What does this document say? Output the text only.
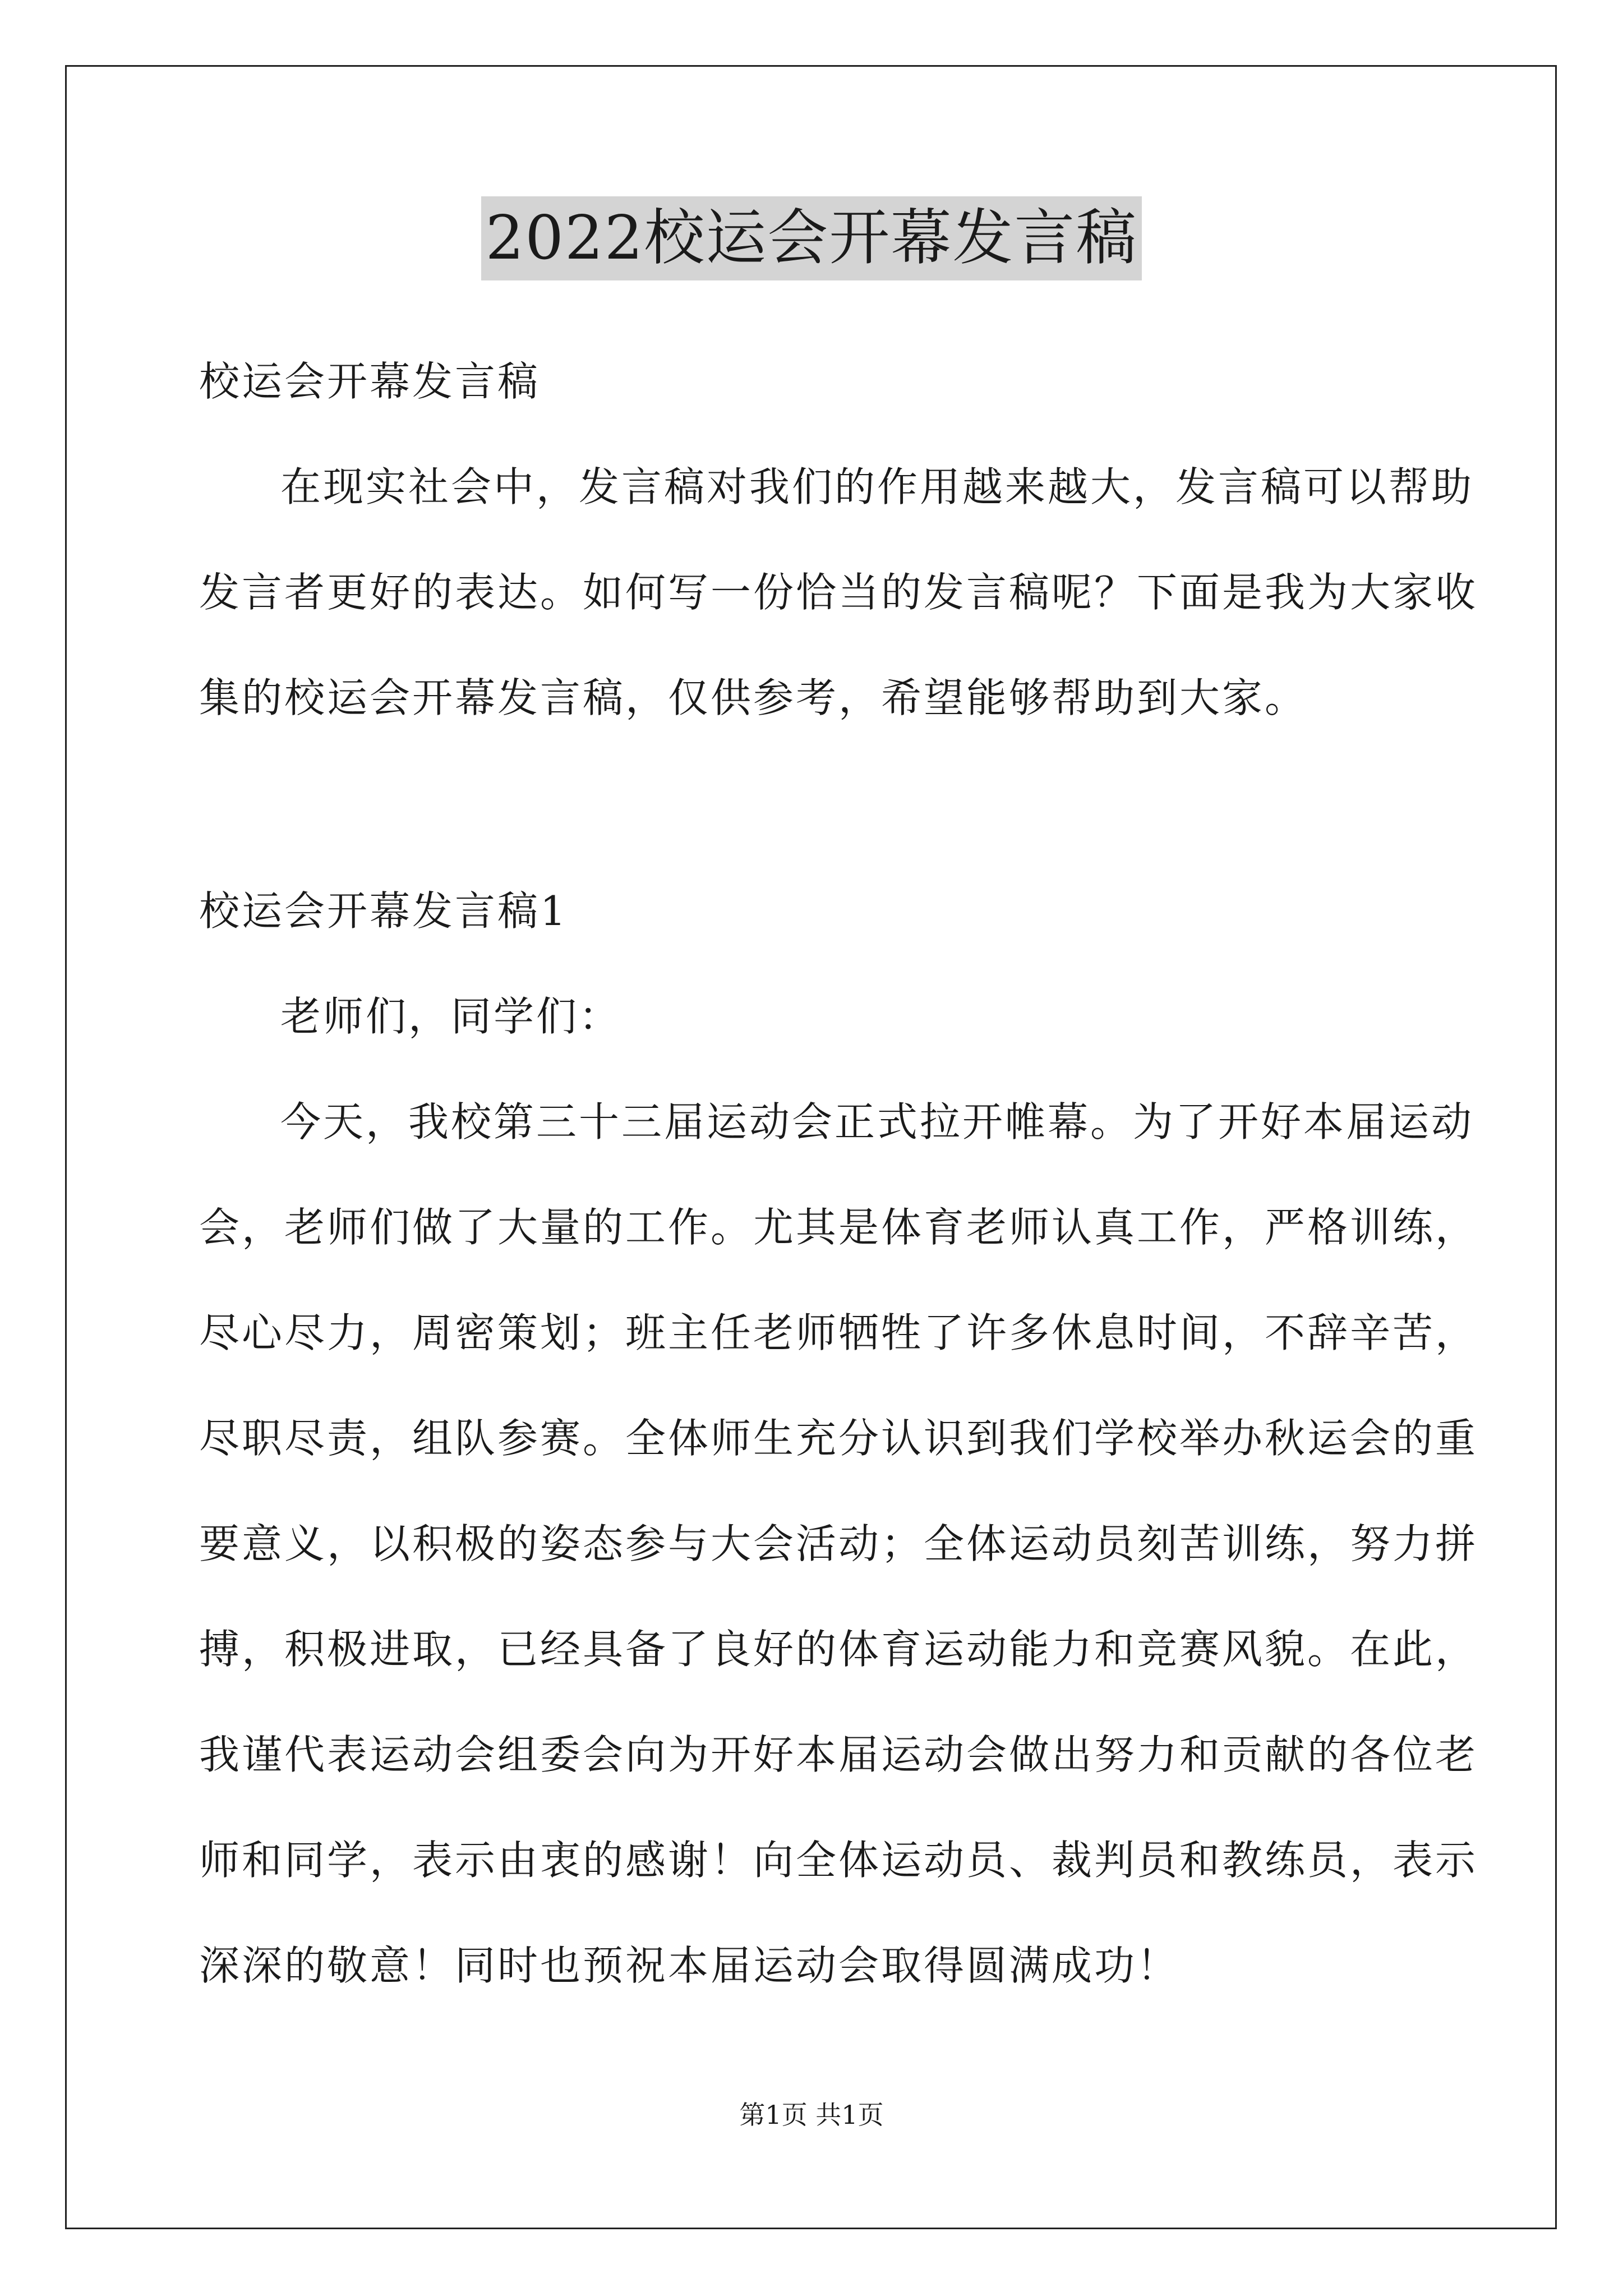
2022校运会开幕发言稿
校运会开幕发言稿
在现实社会中，发言稿对我们的作用越来越大，发言稿可以帮助
发言者更好的表达。如何写一份恰当的发言稿呢？下面是我为大家收
集的校运会开幕发言稿，仅供参考，希望能够帮助到大家。
校运会开幕发言稿1
老师们，同学们：
今天，我校第三十三届运动会正式拉开帷幕。为了开好本届运动
会，老师们做了大量的工作。尤其是体育老师认真工作，严格训练，
尽心尽力，周密策划；班主任老师牺牲了许多休息时间，不辞辛苦，
尽职尽责，组队参赛。全体师生充分认识到我们学校举办秋运会的重
要意义，以积极的姿态参与大会活动；全体运动员刻苦训练，努力拼
搏，积极进取，已经具备了良好的体育运动能力和竞赛风貌。在此，
我谨代表运动会组委会向为开好本届运动会做出努力和贡献的各位老
师和同学，表示由衷的感谢！向全体运动员、裁判员和教练员，表示
深深的敬意！同时也预祝本届运动会取得圆满成功！
第1页 共1页
